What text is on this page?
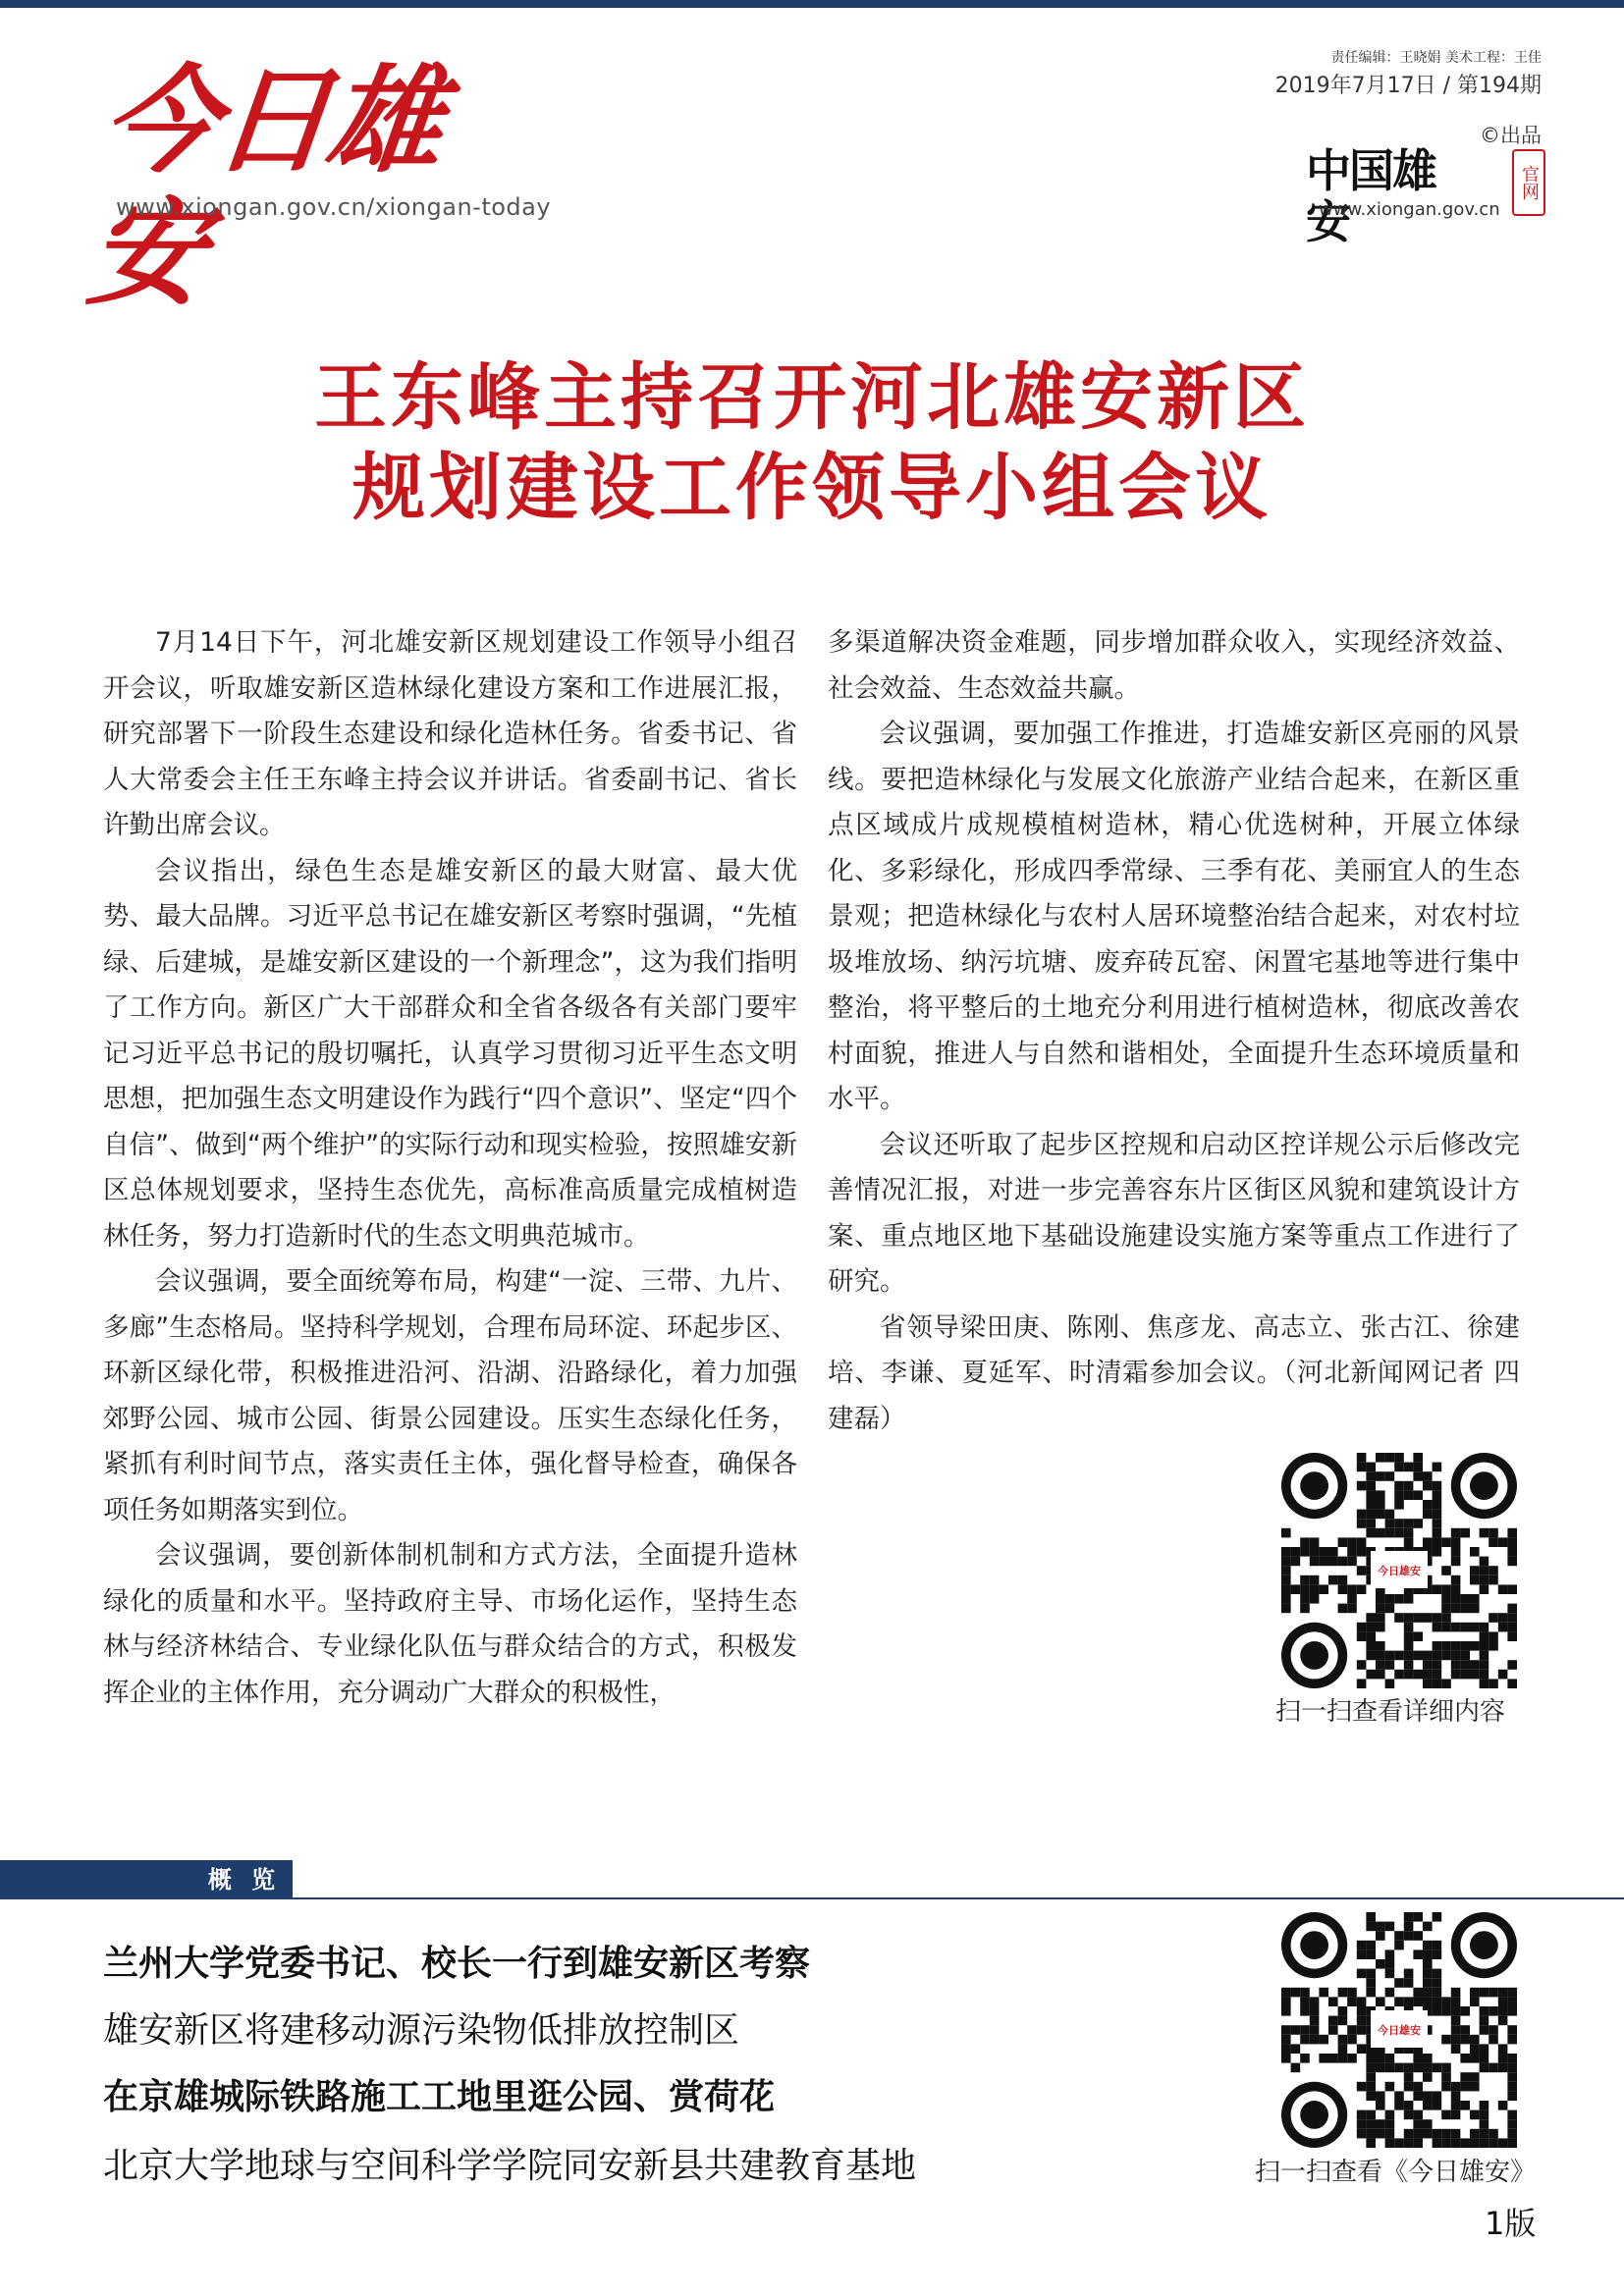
今日雄安
www.xiongan.gov.cn/xiongan-today
责任编辑：王晓娟 美术工程：王佳
2019年7月17日 / 第194期
©出品
中国雄安
官网
www.xiongan.gov.cn
王东峰主持召开河北雄安新区
规划建设工作领导小组会议

7月14日下午，河北雄安新区规划建设工作领导小组召开会议，听取雄安新区造林绿化建设方案和工作进展汇报，研究部署下一阶段生态建设和绿化造林任务。省委书记、省人大常委会主任王东峰主持会议并讲话。省委副书记、省长许勤出席会议。

会议指出，绿色生态是雄安新区的最大财富、最大优势、最大品牌。习近平总书记在雄安新区考察时强调，“先植绿、后建城，是雄安新区建设的一个新理念”，这为我们指明了工作方向。新区广大干部群众和全省各级各有关部门要牢记习近平总书记的殷切嘱托，认真学习贯彻习近平生态文明思想，把加强生态文明建设作为践行“四个意识”、坚定“四个自信”、做到“两个维护”的实际行动和现实检验，按照雄安新区总体规划要求，坚持生态优先，高标准高质量完成植树造林任务，努力打造新时代的生态文明典范城市。

会议强调，要全面统筹布局，构建“一淀、三带、九片、多廊”生态格局。坚持科学规划，合理布局环淀、环起步区、环新区绿化带，积极推进沿河、沿湖、沿路绿化，着力加强郊野公园、城市公园、街景公园建设。压实生态绿化任务，紧抓有利时间节点，落实责任主体，强化督导检查，确保各项任务如期落实到位。

会议强调，要创新体制机制和方式方法，全面提升造林绿化的质量和水平。坚持政府主导、市场化运作，坚持生态林与经济林结合、专业绿化队伍与群众结合的方式，积极发挥企业的主体作用，充分调动广大群众的积极性，

多渠道解决资金难题，同步增加群众收入，实现经济效益、社会效益、生态效益共赢。

会议强调，要加强工作推进，打造雄安新区亮丽的风景线。要把造林绿化与发展文化旅游产业结合起来，在新区重点区域成片成规模植树造林，精心优选树种，开展立体绿化、多彩绿化，形成四季常绿、三季有花、美丽宜人的生态景观；把造林绿化与农村人居环境整治结合起来，对农村垃圾堆放场、纳污坑塘、废弃砖瓦窑、闲置宅基地等进行集中整治，将平整后的土地充分利用进行植树造林，彻底改善农村面貌，推进人与自然和谐相处，全面提升生态环境质量和水平。

会议还听取了起步区控规和启动区控详规公示后修改完善情况汇报，对进一步完善容东片区街区风貌和建筑设计方案、重点地区地下基础设施建设实施方案等重点工作进行了研究。

省领导梁田庚、陈刚、焦彦龙、高志立、张古江、徐建培、李谦、夏延军、时清霜参加会议。（河北新闻网记者 四建磊）

今日雄安
扫一扫查看详细内容
概 览
兰州大学党委书记、校长一行到雄安新区考察
雄安新区将建移动源污染物低排放控制区
在京雄城际铁路施工工地里逛公园、赏荷花
北京大学地球与空间科学学院同安新县共建教育基地
今日雄安
扫一扫查看《今日雄安》
1版
